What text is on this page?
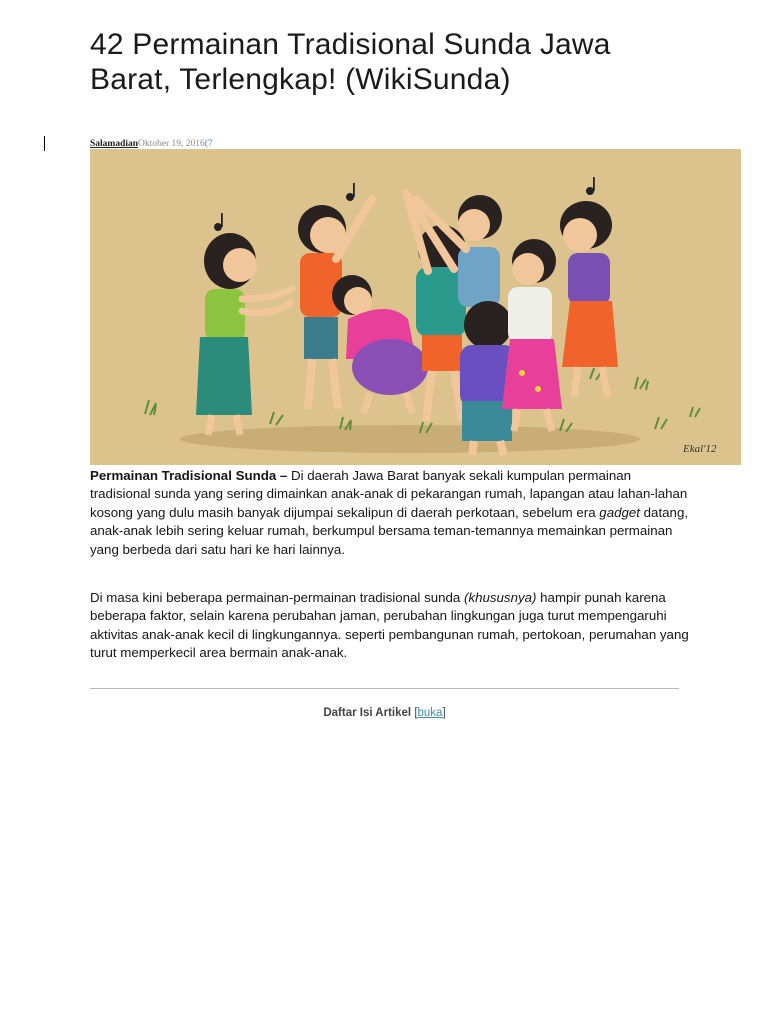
42 Permainan Tradisional Sunda Jawa Barat, Terlengkap! (WikiSunda)
SalamadianOktober 19, 2016(7
Ekal'12

Permainan Tradisional Sunda – Di daerah Jawa Barat banyak sekali kumpulan permainan tradisional sunda yang sering dimainkan anak-anak di pekarangan rumah, lapangan atau lahan-lahan kosong yang dulu masih banyak dijumpai sekalipun di daerah perkotaan, sebelum era gadget datang, anak-anak lebih sering keluar rumah, berkumpul bersama teman-temannya memainkan permainan yang berbeda dari satu hari ke hari lainnya.

Di masa kini beberapa permainan-permainan tradisional sunda (khususnya) hampir punah karena beberapa faktor, selain karena perubahan jaman, perubahan lingkungan juga turut mempengaruhi aktivitas anak-anak kecil di lingkungannya. seperti pembangunan rumah, pertokoan, perumahan yang turut memperkecil area bermain anak-anak.

Daftar Isi Artikel [buka]
